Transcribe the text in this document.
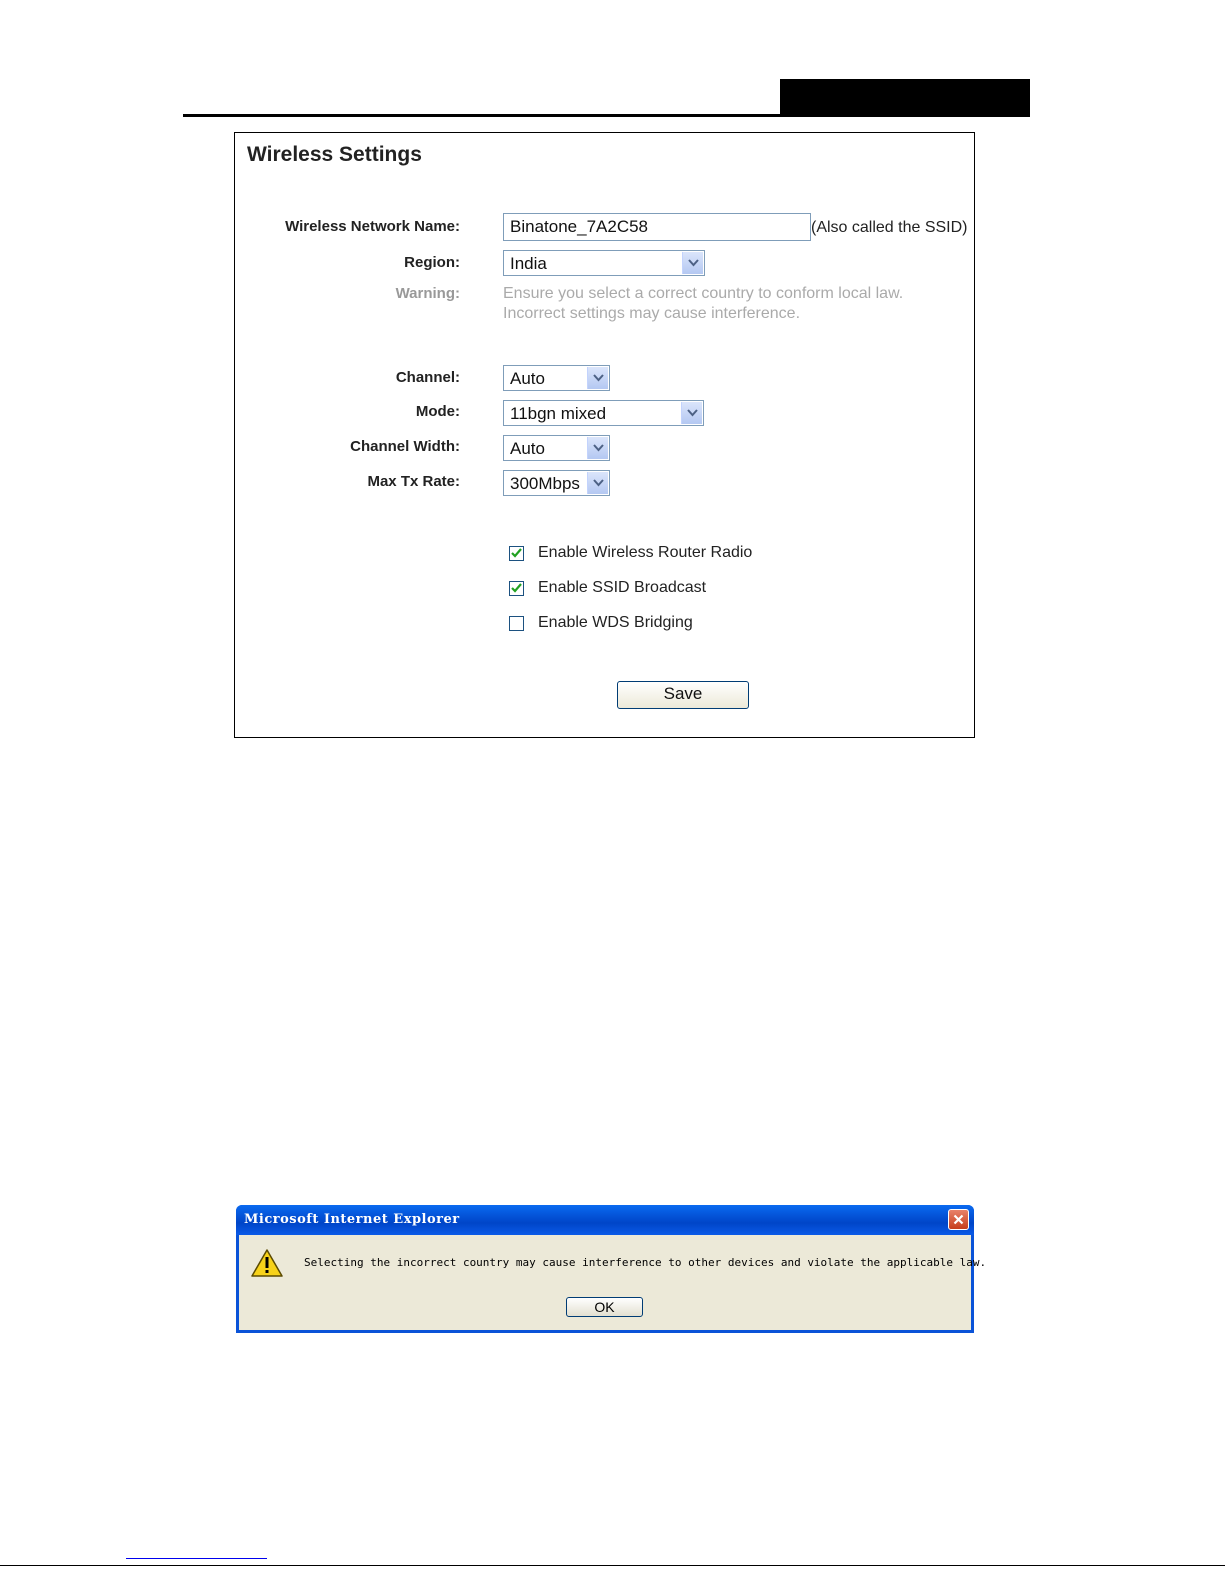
Wireless Settings
Wireless Network Name:
Binatone_7A2C58	(Also called the SSID)
Region:	India
Warning:	Ensure you select a correct country to conform local law.
Incorrect settings may cause interference.
Channel:	Auto
Mode:	11bgn mixed
Channel Width:	Auto
Max Tx Rate:	300Mbps
Enable Wireless Router Radio
Enable SSID Broadcast
Enable WDS Bridging
Save
Microsoft Internet Explorer
Selecting the incorrect country may cause interference to other devices and violate the applicable law.
OK
